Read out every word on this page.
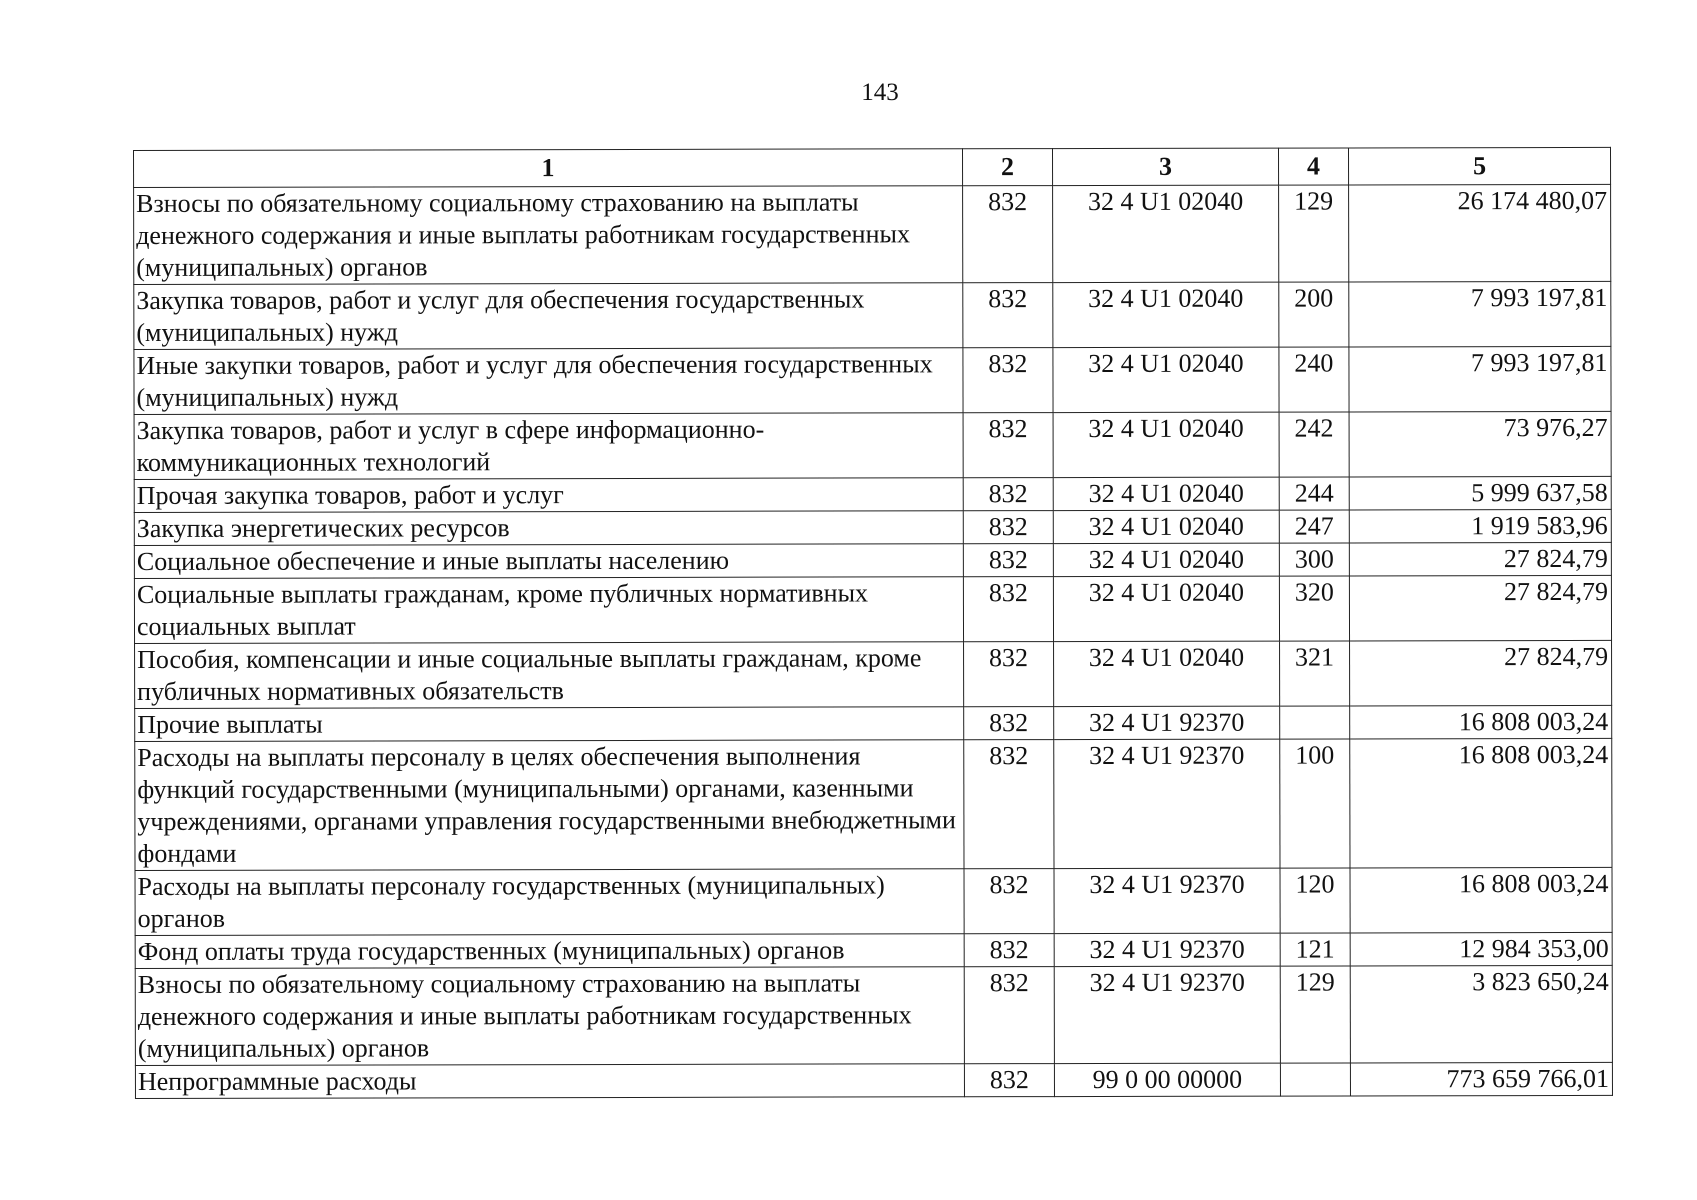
143
1	2	3	4	5
Взносы по обязательному социальному страхованию на выплаты денежного содержания и иные выплаты работникам государственных (муниципальных) органов	832	32 4 U1 02040	129	26 174 480,07
Закупка товаров, работ и услуг для обеспечения государственных (муниципальных) нужд	832	32 4 U1 02040	200	7 993 197,81
Иные закупки товаров, работ и услуг для обеспечения государственных (муниципальных) нужд	832	32 4 U1 02040	240	7 993 197,81
Закупка товаров, работ и услуг в сфере информационно-коммуникационных технологий	832	32 4 U1 02040	242	73 976,27
Прочая закупка товаров, работ и услуг	832	32 4 U1 02040	244	5 999 637,58
Закупка энергетических ресурсов	832	32 4 U1 02040	247	1 919 583,96
Социальное обеспечение и иные выплаты населению	832	32 4 U1 02040	300	27 824,79
Социальные выплаты гражданам, кроме публичных нормативных социальных выплат	832	32 4 U1 02040	320	27 824,79
Пособия, компенсации и иные социальные выплаты гражданам, кроме публичных нормативных обязательств	832	32 4 U1 02040	321	27 824,79
Прочие выплаты	832	32 4 U1 92370		16 808 003,24
Расходы на выплаты персоналу в целях обеспечения выполнения функций государственными (муниципальными) органами, казенными учреждениями, органами управления государственными внебюджетными фондами	832	32 4 U1 92370	100	16 808 003,24
Расходы на выплаты персоналу государственных (муниципальных) органов	832	32 4 U1 92370	120	16 808 003,24
Фонд оплаты труда государственных (муниципальных) органов	832	32 4 U1 92370	121	12 984 353,00
Взносы по обязательному социальному страхованию на выплаты денежного содержания и иные выплаты работникам государственных (муниципальных) органов	832	32 4 U1 92370	129	3 823 650,24
Непрограммные расходы	832	99 0 00 00000		773 659 766,01
